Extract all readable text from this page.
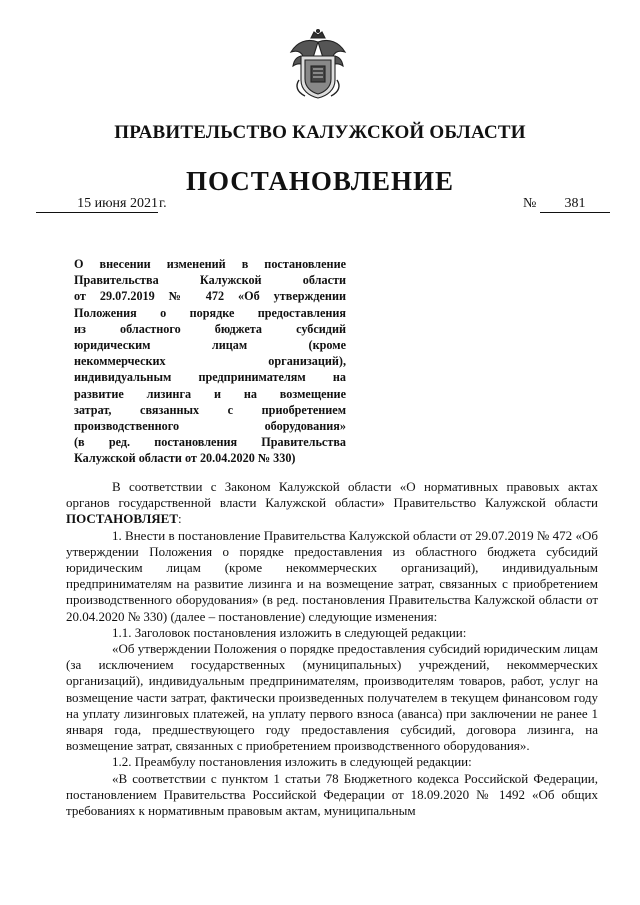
ПРАВИТЕЛЬСТВО КАЛУЖСКОЙ ОБЛАСТИ
ПОСТАНОВЛЕНИЕ
15 июня 2021 г.	№	381
О внесении изменений в постановление
Правительства Калужской области
от 29.07.2019 № 472 «Об утверждении
Положения о порядке предоставления
из областного бюджета субсидий
юридическим лицам (кроме
некоммерческих организаций),
индивидуальным предпринимателям на
развитие лизинга и на возмещение
затрат, связанных с приобретением
производственного оборудования»
(в ред. постановления Правительства
Калужской области от 20.04.2020 № 330)

В соответствии с Законом Калужской области «О нормативных правовых актах органов государственной власти Калужской области» Правительство Калужской области ПОСТАНОВЛЯЕТ:

1. Внести в постановление Правительства Калужской области от 29.07.2019 № 472 «Об утверждении Положения о порядке предоставления из областного бюджета субсидий юридическим лицам (кроме некоммерческих организаций), индивидуальным предпринимателям на развитие лизинга и на возмещение затрат, связанных с приобретением производственного оборудования» (в ред. постановления Правительства Калужской области от 20.04.2020 № 330) (далее – постановление) следующие изменения:

1.1. Заголовок постановления изложить в следующей редакции:

«Об утверждении Положения о порядке предоставления субсидий юридическим лицам (за исключением государственных (муниципальных) учреждений, некоммерческих организаций), индивидуальным предпринимателям, производителям товаров, работ, услуг на возмещение части затрат, фактически произведенных получателем в текущем финансовом году на уплату лизинговых платежей, на уплату первого взноса (аванса) при заключении не ранее 1 января года, предшествующего году предоставления субсидий, договора лизинга, на возмещение затрат, связанных с приобретением производственного оборудования».

1.2. Преамбулу постановления изложить в следующей редакции:

«В соответствии с пунктом 1 статьи 78 Бюджетного кодекса Российской Федерации, постановлением Правительства Российской Федерации от 18.09.2020 № 1492 «Об общих требованиях к нормативным правовым актам, муниципальным
